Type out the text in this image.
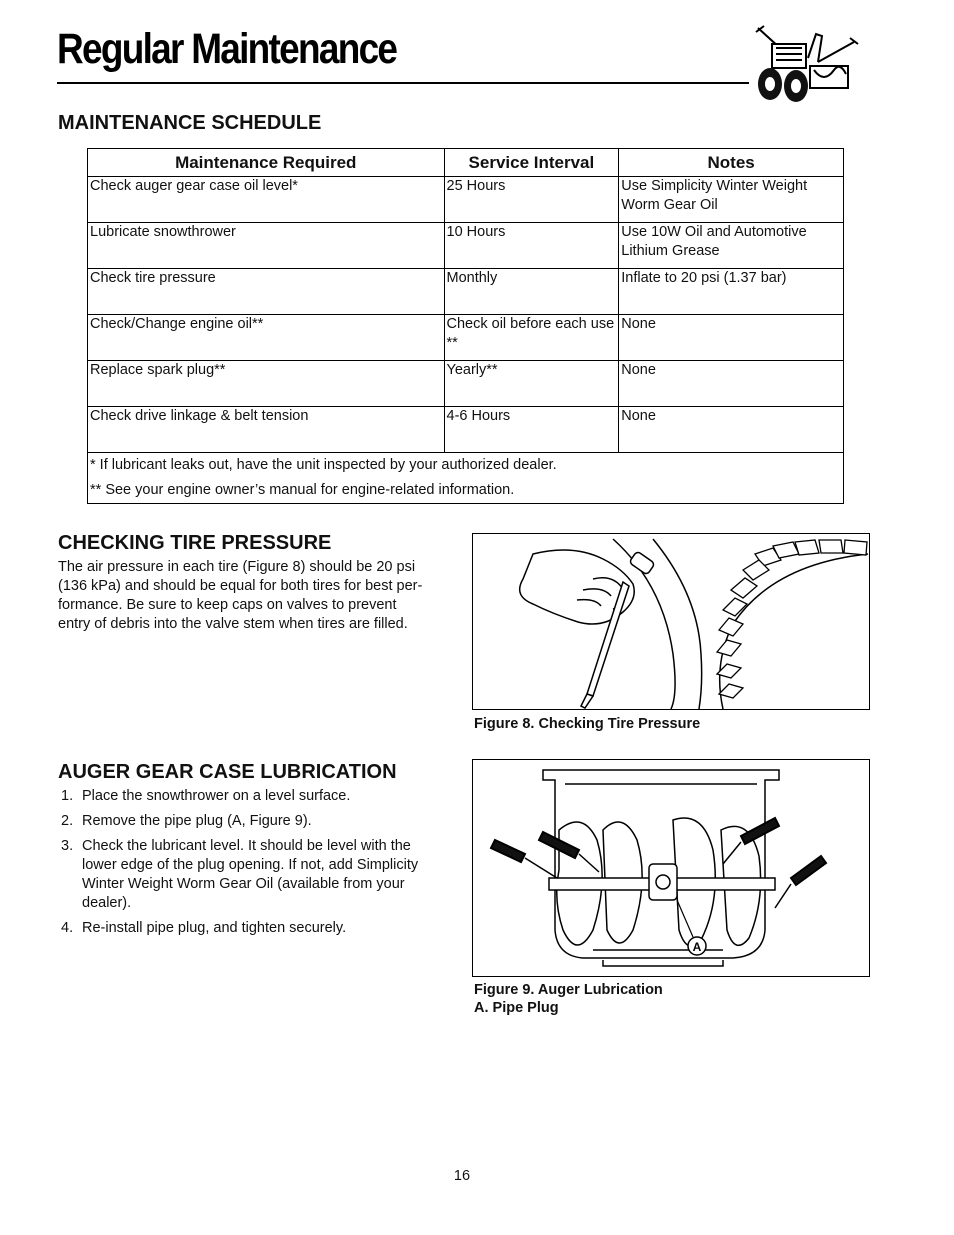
Regular Maintenance
MAINTENANCE SCHEDULE
Maintenance Required	Service Interval	Notes
Check auger gear case oil level*	25 Hours	Use Simplicity Winter Weight Worm Gear Oil
Lubricate snowthrower	10 Hours	Use 10W Oil and Automotive Lithium Grease
Check tire pressure	Monthly	Inflate to 20 psi (1.37 bar)
Check/Change engine oil**	Check oil before each use **	None
Replace spark plug**	Yearly**	None
Check drive linkage & belt tension	4-6 Hours	None

* If lubricant leaks out, have the unit inspected by your authorized dealer.

** See your engine owner’s manual for engine-related information.		

CHECKING TIRE PRESSURE
The air pressure in each tire (Figure 8) should be 20 psi
(136 kPa) and should be equal for both tires for best per-
formance. Be sure to keep caps on valves to prevent
entry of debris into the valve stem when tires are filled.
Figure 8. Checking Tire Pressure
AUGER GEAR CASE LUBRICATION
1. Place the snowthrower on a level surface.
2. Remove the pipe plug (A, Figure 9).
3. Check the lubricant level. It should be level with the
lower edge of the plug opening. If not, add Simplicity
Winter Weight Worm Gear Oil (available from your
dealer).
4. Re-install pipe plug, and tighten securely.
A
Figure 9. Auger Lubrication
A. Pipe Plug
16
